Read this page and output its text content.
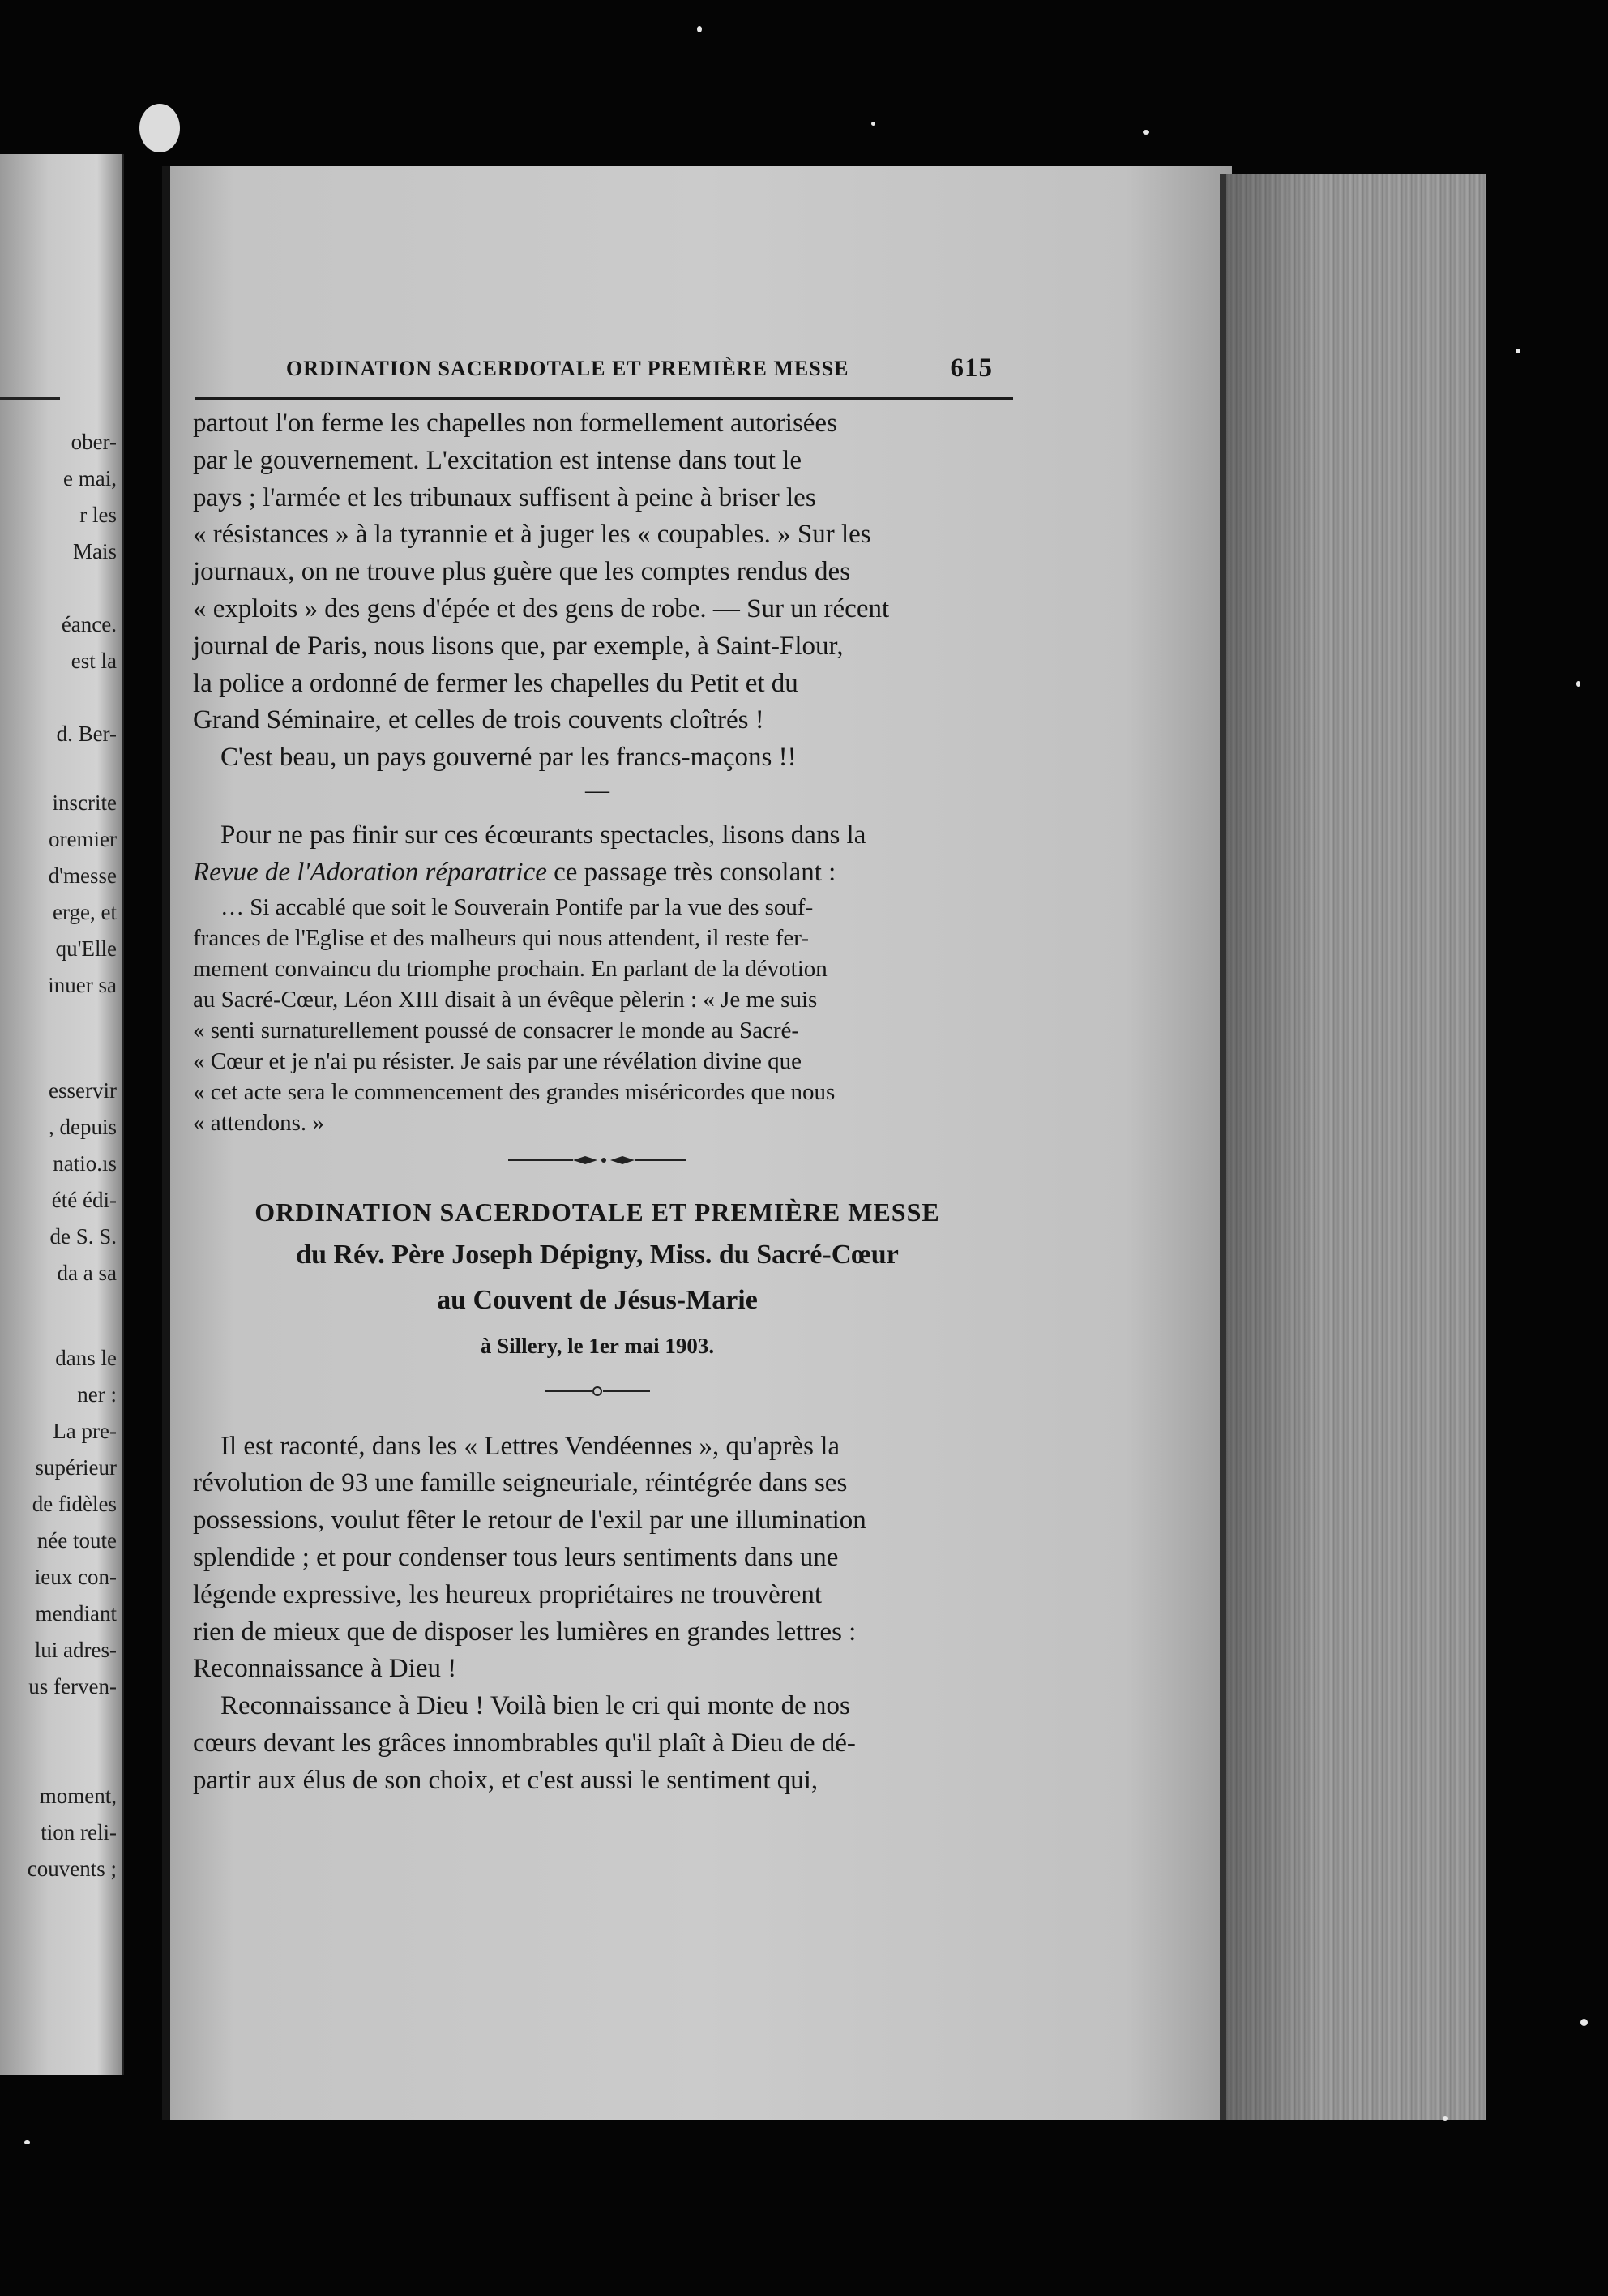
ober-
e mai,
r les
Mais
éance.
est la
d. Ber-
inscrite
oremier
d'messe
erge, et
qu'Elle
inuer sa
esservir
, depuis
natio.ıs
été édi-
de S. S.
da a sa
dans le
ner :
La pre-
supérieur
de fidèles
née toute
ieux con-
mendiant
lui adres-
us ferven-
moment,
tion reli-
couvents ;
ORDINATION SACERDOTALE ET PREMIÈRE MESSE	615

partout l'on ferme les chapelles non formellement autorisées
par le gouvernement. L'excitation est intense dans tout le
pays ; l'armée et les tribunaux suffisent à peine à briser les
« résistances » à la tyrannie et à juger les « coupables. » Sur les
journaux, on ne trouve plus guère que les comptes rendus des
« exploits » des gens d'épée et des gens de robe. — Sur un récent
journal de Paris, nous lisons que, par exemple, à Saint-Flour,
la police a ordonné de fermer les chapelles du Petit et du
Grand Séminaire, et celles de trois couvents cloîtrés !

C'est beau, un pays gouverné par les francs-maçons !!

—

Pour ne pas finir sur ces écœurants spectacles, lisons dans la
Revue de l'Adoration réparatrice ce passage très consolant :

… Si accablé que soit le Souverain Pontife par la vue des souf-
frances de l'Eglise et des malheurs qui nous attendent, il reste fer-
mement convaincu du triomphe prochain. En parlant de la dévotion
au Sacré-Cœur, Léon XIII disait à un évêque pèlerin : « Je me suis
« senti surnaturellement poussé de consacrer le monde au Sacré-
« Cœur et je n'ai pu résister. Je sais par une révélation divine que
« cet acte sera le commencement des grandes miséricordes que nous
« attendons. »

ORDINATION SACERDOTALE ET PREMIÈRE MESSE
du Rév. Père Joseph Dépigny, Miss. du Sacré-Cœur
au Couvent de Jésus-Marie
à Sillery, le 1er mai 1903.

Il est raconté, dans les « Lettres Vendéennes », qu'après la
révolution de 93 une famille seigneuriale, réintégrée dans ses
possessions, voulut fêter le retour de l'exil par une illumination
splendide ; et pour condenser tous leurs sentiments dans une
légende expressive, les heureux propriétaires ne trouvèrent
rien de mieux que de disposer les lumières en grandes lettres :
Reconnaissance à Dieu !

Reconnaissance à Dieu ! Voilà bien le cri qui monte de nos
cœurs devant les grâces innombrables qu'il plaît à Dieu de dé-
partir aux élus de son choix, et c'est aussi le sentiment qui,
